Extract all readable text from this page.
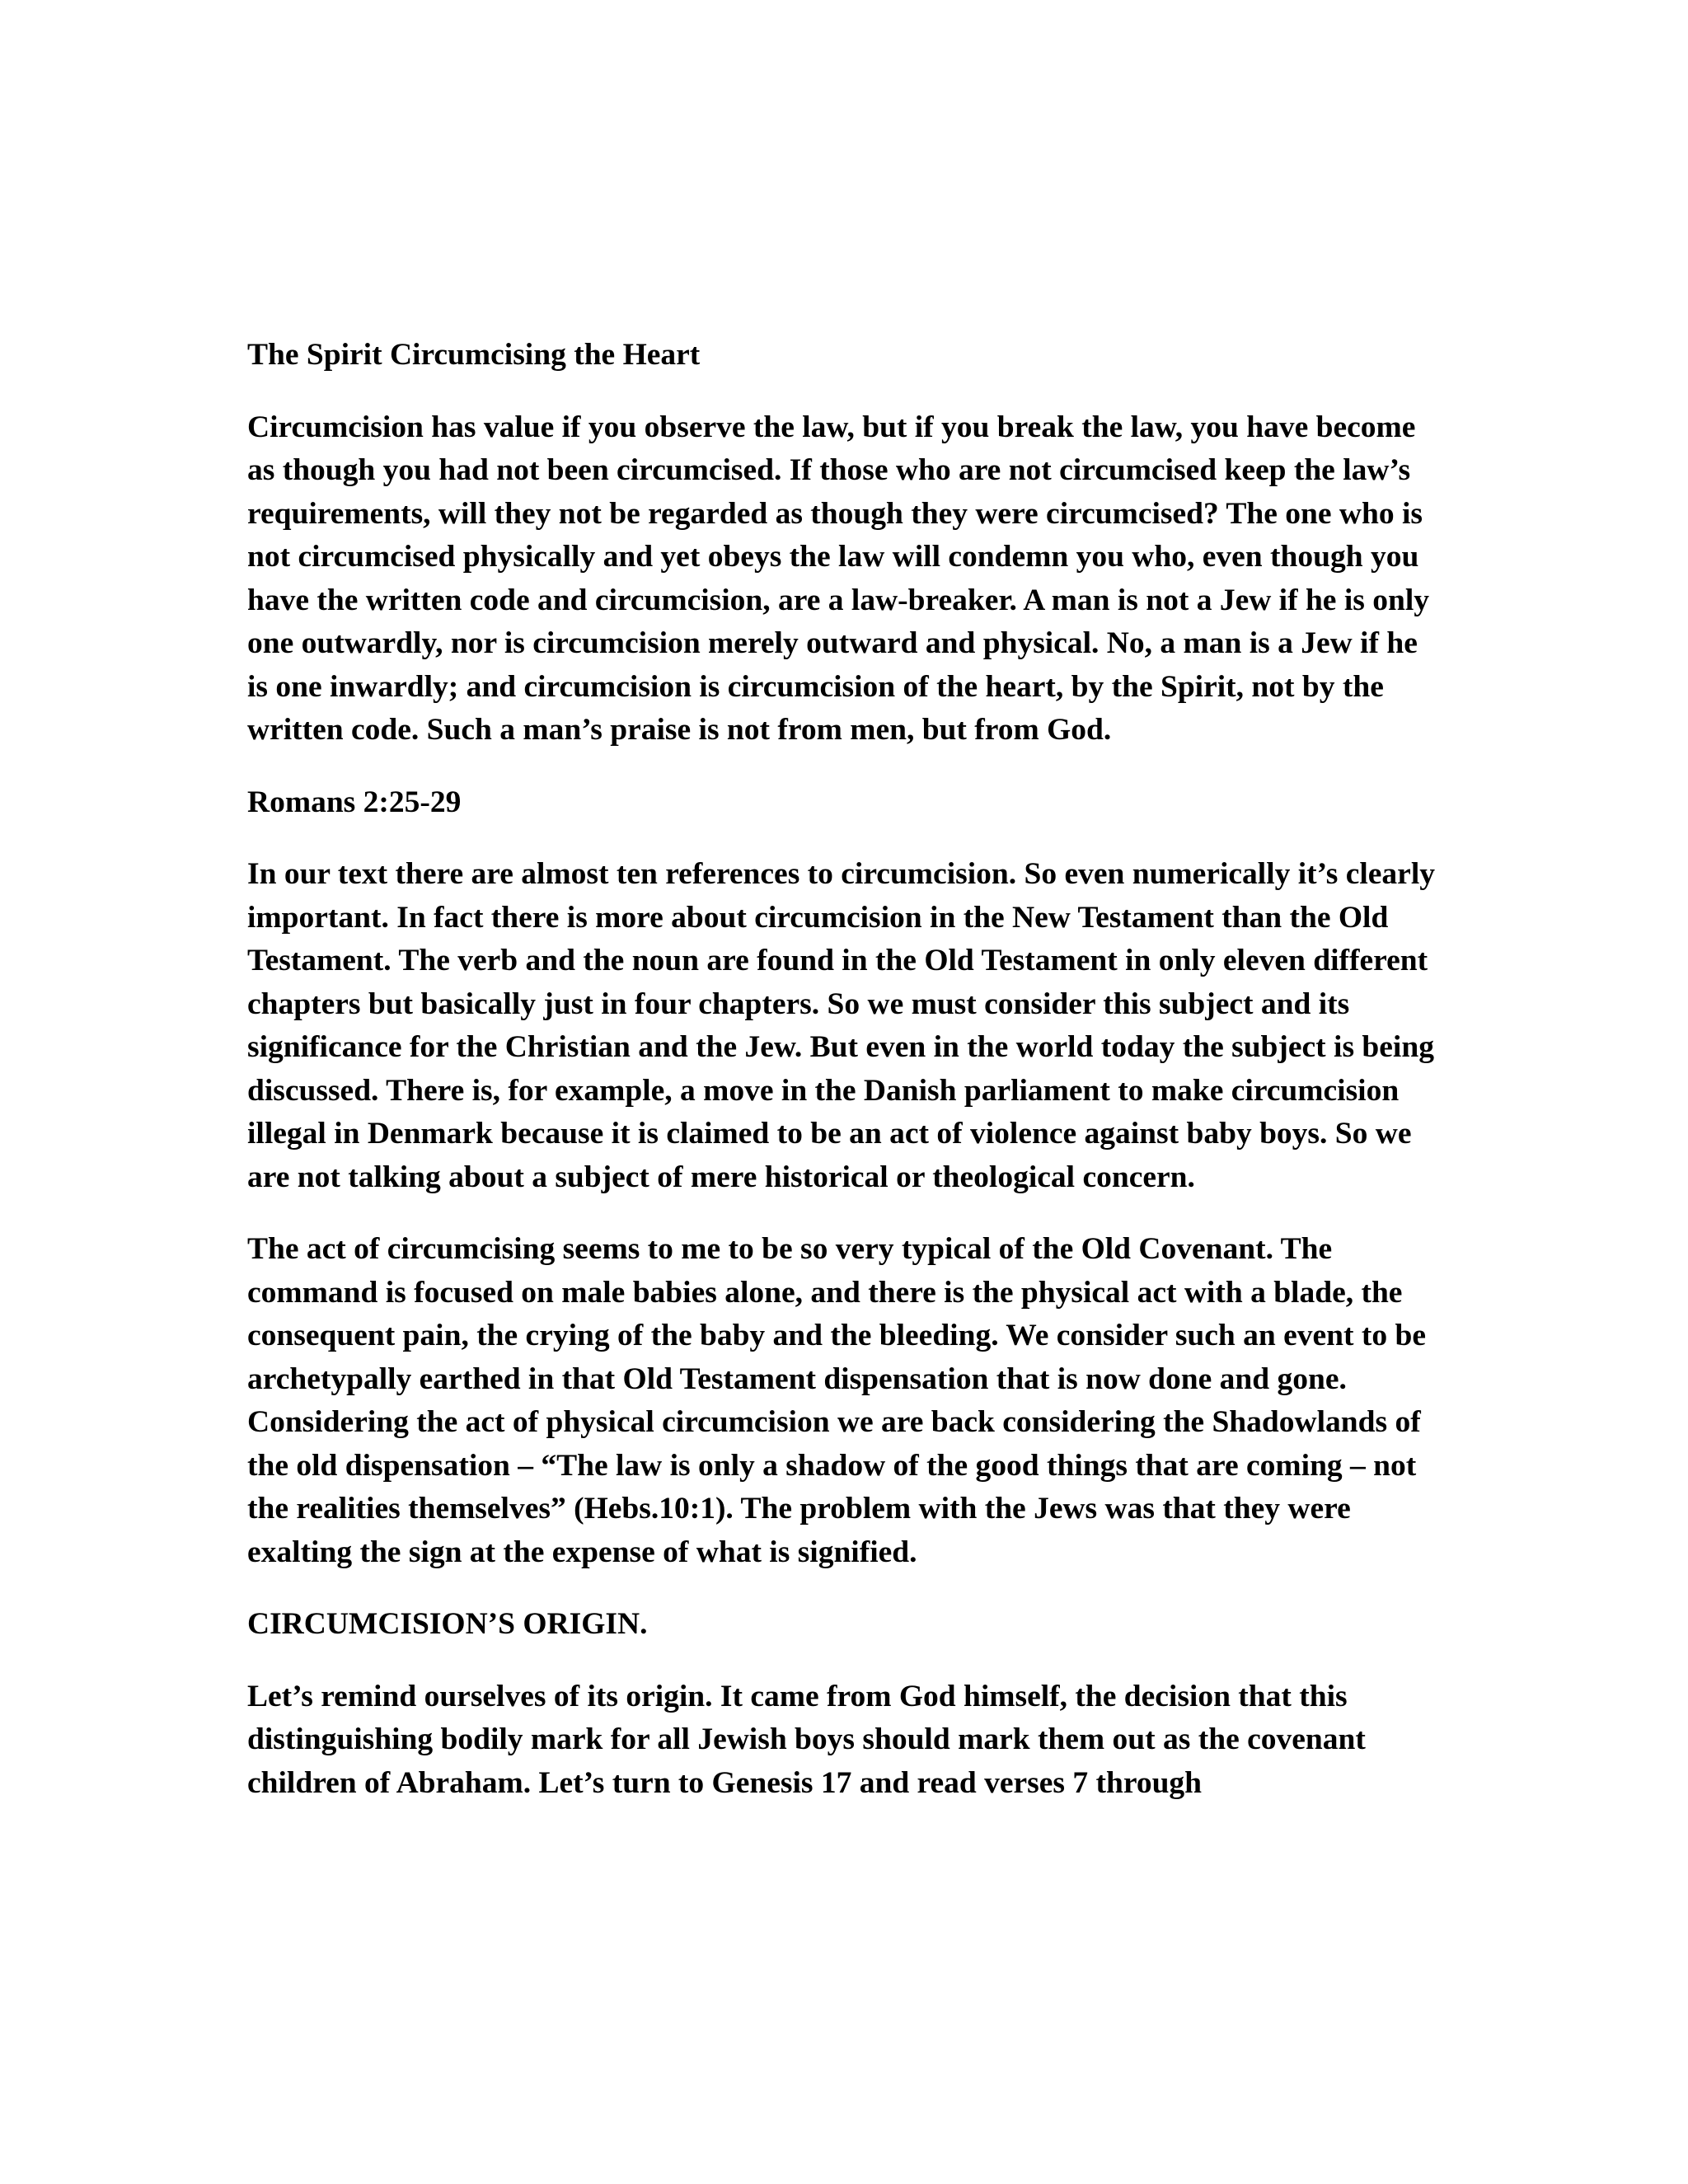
The Spirit Circumcising the Heart

Circumcision has value if you observe the law, but if you break the law, you have become as though you had not been circumcised. If those who are not circumcised keep the law’s requirements, will they not be regarded as though they were circumcised? The one who is not circumcised physically and yet obeys the law will condemn you who, even though you have the written code and circumcision, are a law-breaker. A man is not a Jew if he is only one outwardly, nor is circumcision merely outward and physical. No, a man is a Jew if he is one inwardly; and circumcision is circumcision of the heart, by the Spirit, not by the written code. Such a man’s praise is not from men, but from God.

Romans 2:25-29

In our text there are almost ten references to circumcision. So even numerically it’s clearly important. In fact there is more about circumcision in the New Testament than the Old Testament. The verb and the noun are found in the Old Testament in only eleven different chapters but basically just in four chapters. So we must consider this subject and its significance for the Christian and the Jew. But even in the world today the subject is being discussed. There is, for example, a move in the Danish parliament to make circumcision illegal in Denmark because it is claimed to be an act of violence against baby boys. So we are not talking about a subject of mere historical or theological concern.

The act of circumcising seems to me to be so very typical of the Old Covenant. The command is focused on male babies alone, and there is the physical act with a blade, the consequent pain, the crying of the baby and the bleeding. We consider such an event to be archetypally earthed in that Old Testament dispensation that is now done and gone. Considering the act of physical circumcision we are back considering the Shadowlands of the old dispensation – “The law is only a shadow of the good things that are coming – not the realities themselves” (Hebs.10:1). The problem with the Jews was that they were exalting the sign at the expense of what is signified.

CIRCUMCISION’S ORIGIN.

Let’s remind ourselves of its origin. It came from God himself, the decision that this distinguishing bodily mark for all Jewish boys should mark them out as the covenant children of Abraham. Let’s turn to Genesis 17 and read verses 7 through
